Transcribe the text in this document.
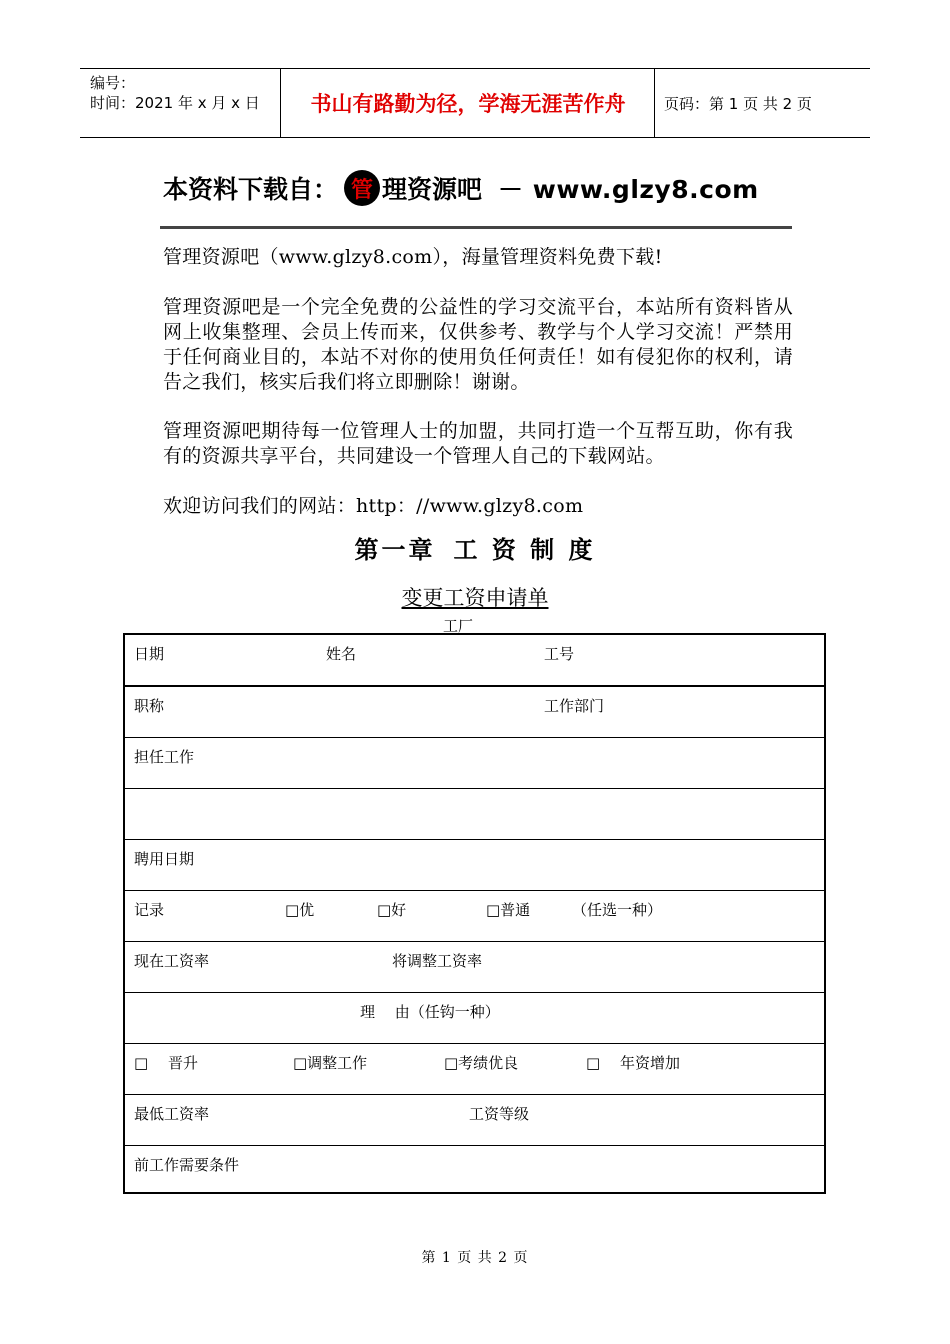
编号：
时间：2021 年 x 月 x 日	书山有路勤为径，学海无涯苦作舟	页码：第 1 页 共 2 页
本资料下载自： 管 理资源吧 － www.glzy8.com
管理资源吧（www.glzy8.com），海量管理资料免费下载!
管理资源吧是一个完全免费的公益性的学习交流平台，本站所有资料皆从网上收集整理、会员上传而来，仅供参考、教学与个人学习交流！严禁用于任何商业目的，本站不对你的使用负任何责任！如有侵犯你的权利，请告之我们，核实后我们将立即删除！谢谢。
管理资源吧期待每一位管理人士的加盟，共同打造一个互帮互助，你有我有的资源共享平台，共同建设一个管理人自己的下载网站。
欢迎访问我们的网站：http：//www.glzy8.com
第一章 工 资 制 度
变更工资申请单
工厂
日期	姓名	工号
职称	工作部门
担任工作
聘用日期
记录	□优	□好	□普通	（任选一种）
现在工资率	将调整工资率
理　 由（任钩一种）
□　 晋升	□调整工作	□考绩优良	□　 年资增加
最低工资率	工资等级
前工作需要条件
第 1 页 共 2 页
